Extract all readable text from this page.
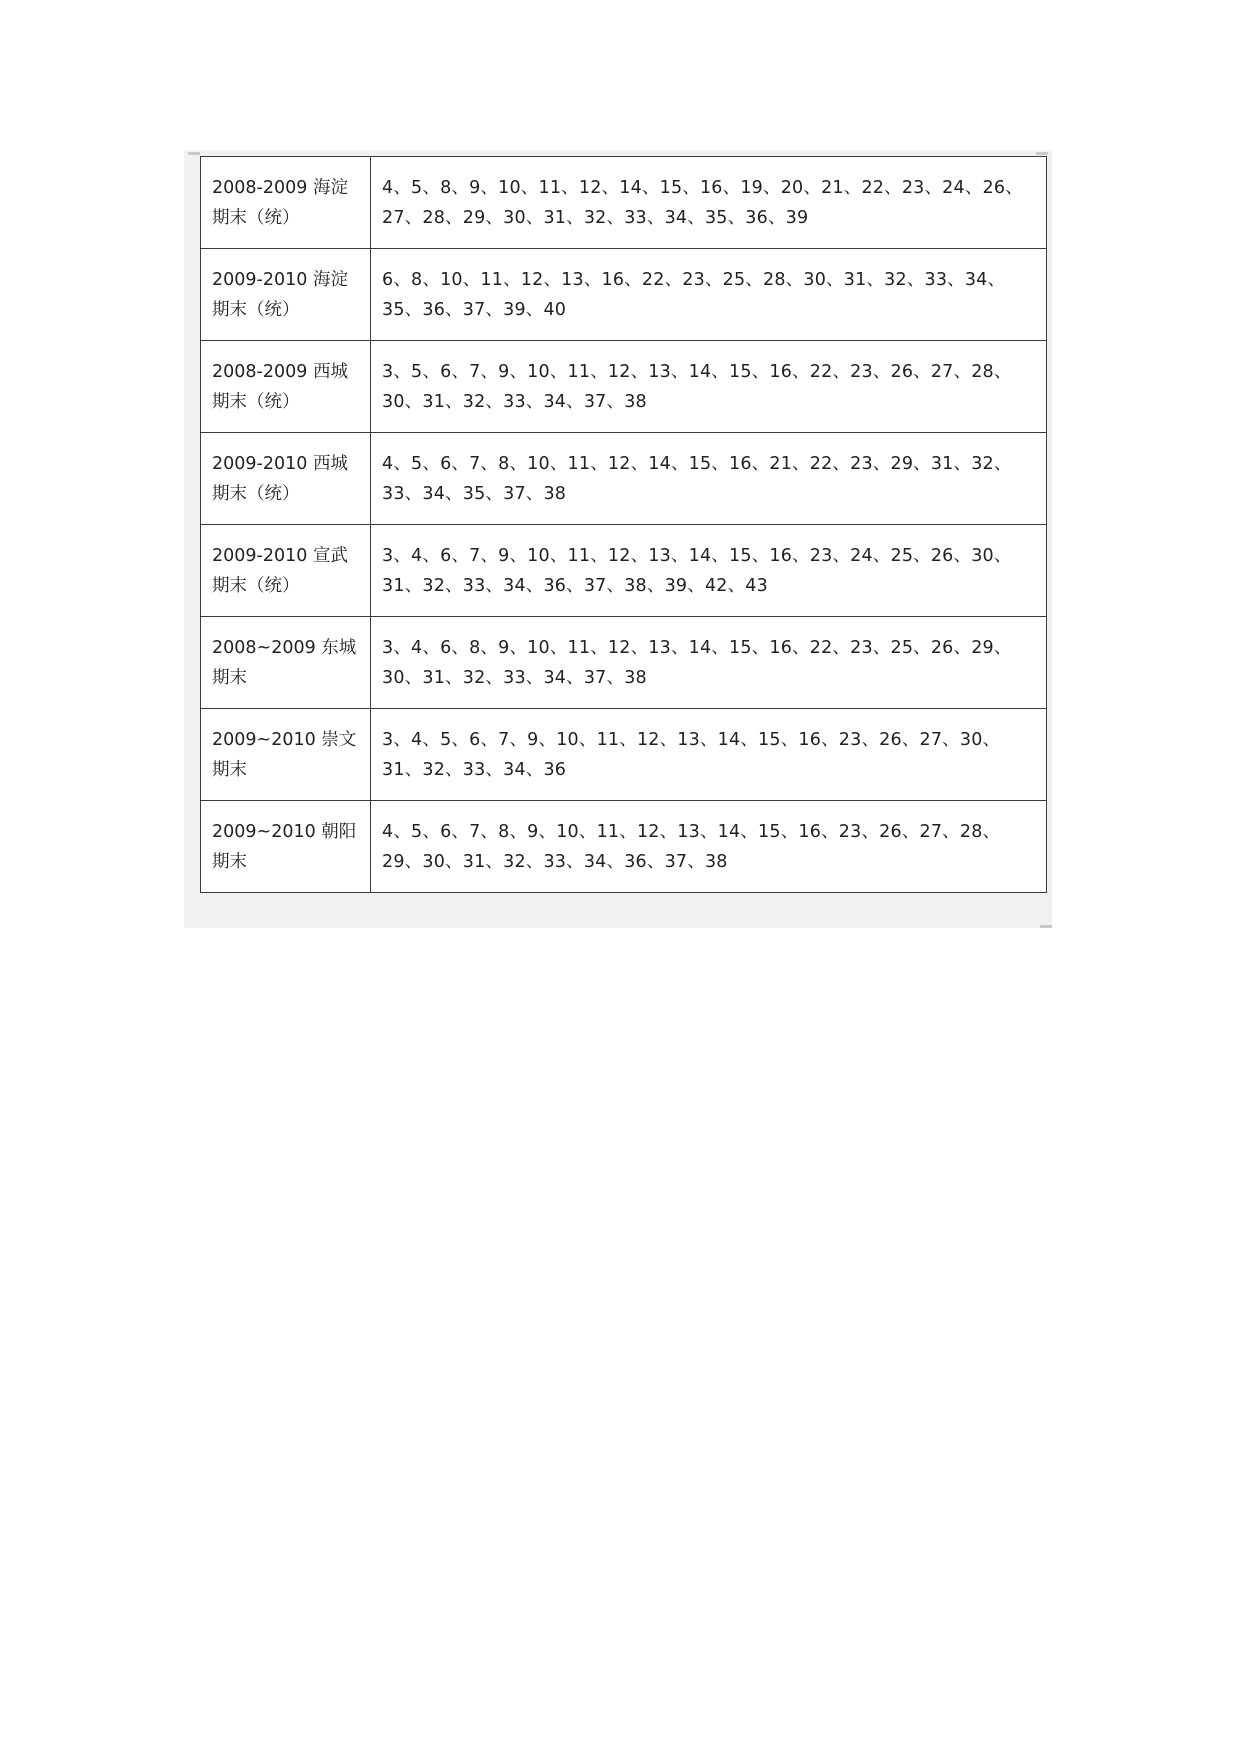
2008-2009 海淀期末（统）	4、5、8、9、10、11、12、14、15、16、19、20、21、22、23、24、26、27、28、29、30、31、32、33、34、35、36、39
2009-2010 海淀期末（统）	6、8、10、11、12、13、16、22、23、25、28、30、31、32、33、34、35、36、37、39、40
2008-2009 西城期末（统）	3、5、6、7、9、10、11、12、13、14、15、16、22、23、26、27、28、30、31、32、33、34、37、38
2009-2010 西城期末（统）	4、5、6、7、8、10、11、12、14、15、16、21、22、23、29、31、32、33、34、35、37、38
2009-2010 宣武期末（统）	3、4、6、7、9、10、11、12、13、14、15、16、23、24、25、26、30、31、32、33、34、36、37、38、39、42、43
2008~2009 东城期末	3、4、6、8、9、10、11、12、13、14、15、16、22、23、25、26、29、30、31、32、33、34、37、38
2009~2010 崇文期末	3、4、5、6、7、9、10、11、12、13、14、15、16、23、26、27、30、31、32、33、34、36
2009~2010 朝阳期末	4、5、6、7、8、9、10、11、12、13、14、15、16、23、26、27、28、29、30、31、32、33、34、36、37、38
